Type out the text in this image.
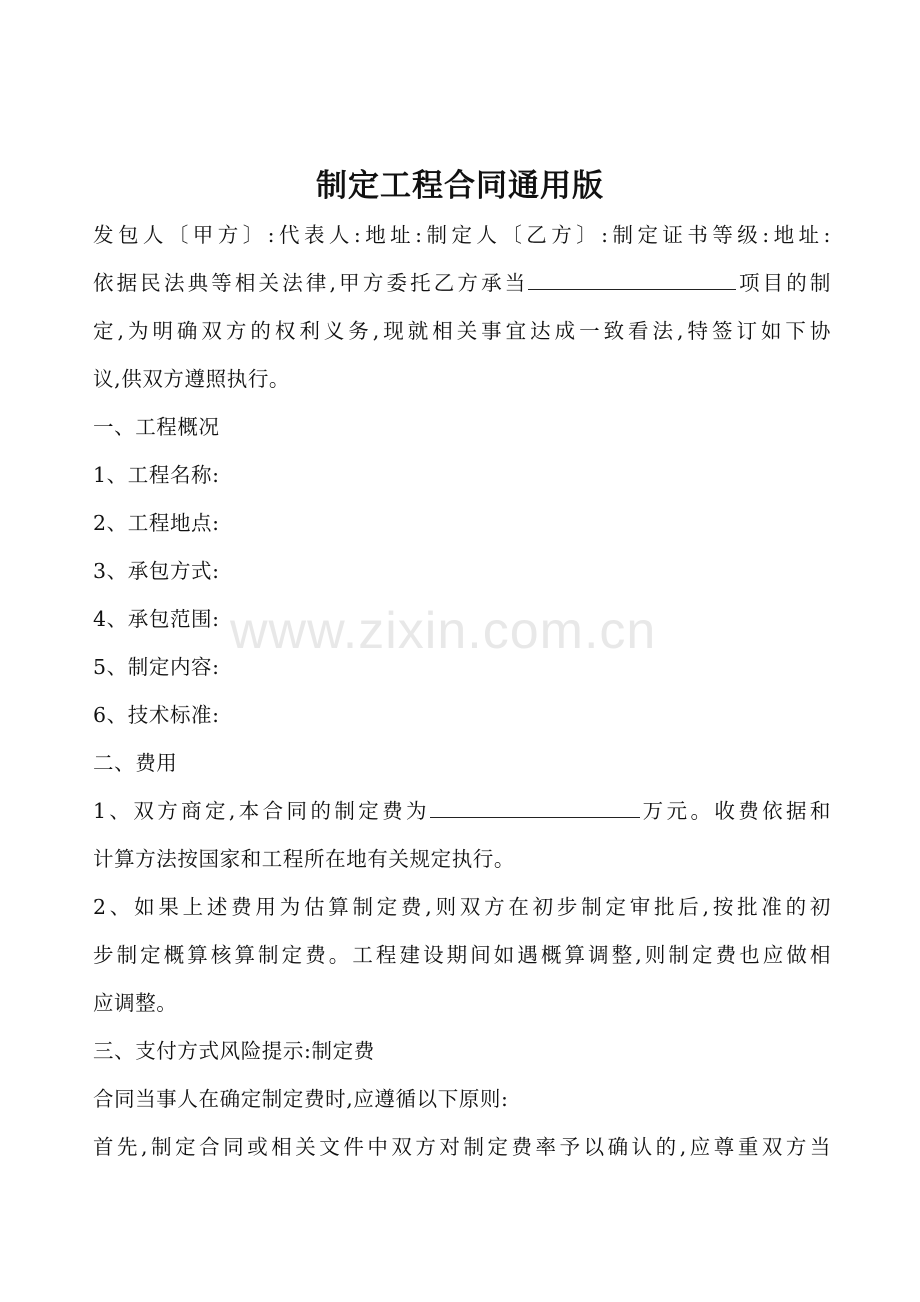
制定工程合同通用版

发包人〔甲方〕:代表人:地址:制定人〔乙方〕:制定证书等级:地址:

依据民法典等相关法律,甲方委托乙方承当	项目的制

定,为明确双方的权利义务,现就相关事宜达成一致看法,特签订如下协

议,供双方遵照执行。

一、工程概况

1、工程名称:

2、工程地点:

3、承包方式:

4、承包范围:

5、制定内容:

6、技术标准:

二、费用

1、双方商定,本合同的制定费为	万元。收费依据和

计算方法按国家和工程所在地有关规定执行。

2、如果上述费用为估算制定费,则双方在初步制定审批后,按批准的初

步制定概算核算制定费。工程建设期间如遇概算调整,则制定费也应做相

应调整。

三、支付方式风险提示:制定费

合同当事人在确定制定费时,应遵循以下原则:

首先,制定合同或相关文件中双方对制定费率予以确认的,应尊重双方当

www.zixin.com.cn
